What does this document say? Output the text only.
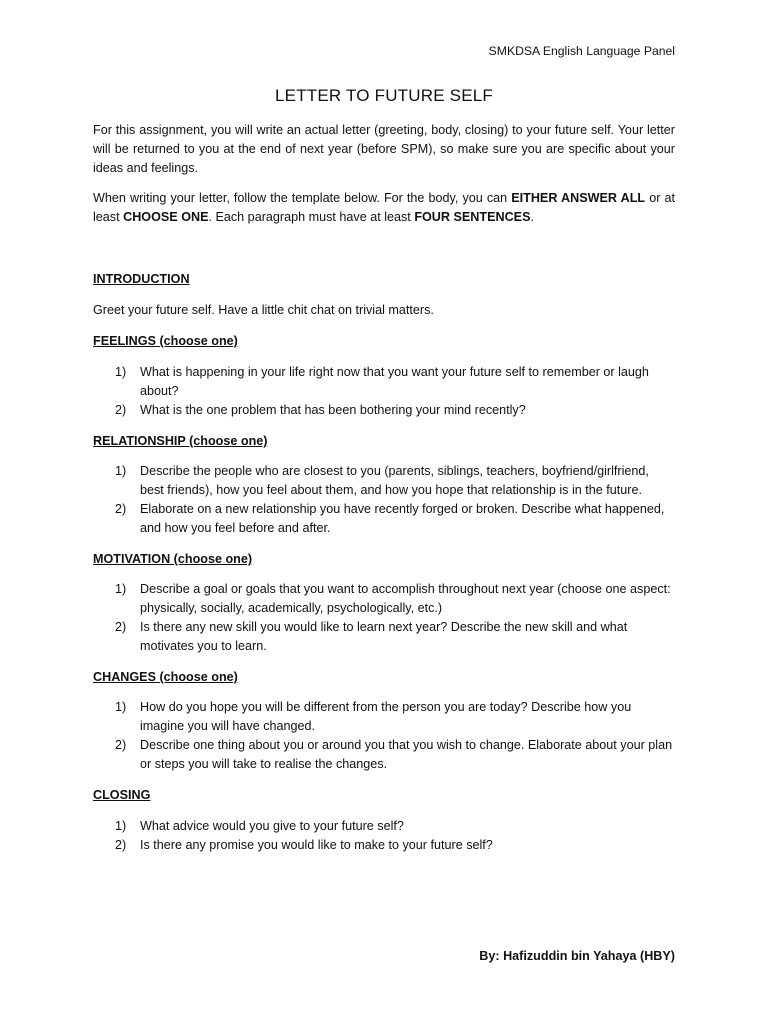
SMKDSA English Language Panel
LETTER TO FUTURE SELF
For this assignment, you will write an actual letter (greeting, body, closing) to your future self. Your letter will be returned to you at the end of next year (before SPM), so make sure you are specific about your ideas and feelings.
When writing your letter, follow the template below. For the body, you can EITHER ANSWER ALL or at least CHOOSE ONE. Each paragraph must have at least FOUR SENTENCES.
INTRODUCTION
Greet your future self. Have a little chit chat on trivial matters.
FEELINGS (choose one)
1) What is happening in your life right now that you want your future self to remember or laugh about?
2) What is the one problem that has been bothering your mind recently?
RELATIONSHIP (choose one)
1) Describe the people who are closest to you (parents, siblings, teachers, boyfriend/girlfriend, best friends), how you feel about them, and how you hope that relationship is in the future.
2) Elaborate on a new relationship you have recently forged or broken. Describe what happened, and how you feel before and after.
MOTIVATION (choose one)
1) Describe a goal or goals that you want to accomplish throughout next year (choose one aspect: physically, socially, academically, psychologically, etc.)
2) Is there any new skill you would like to learn next year? Describe the new skill and what motivates you to learn.
CHANGES (choose one)
1) How do you hope you will be different from the person you are today? Describe how you imagine you will have changed.
2) Describe one thing about you or around you that you wish to change. Elaborate about your plan or steps you will take to realise the changes.
CLOSING
1) What advice would you give to your future self?
2) Is there any promise you would like to make to your future self?
By: Hafizuddin bin Yahaya (HBY)
